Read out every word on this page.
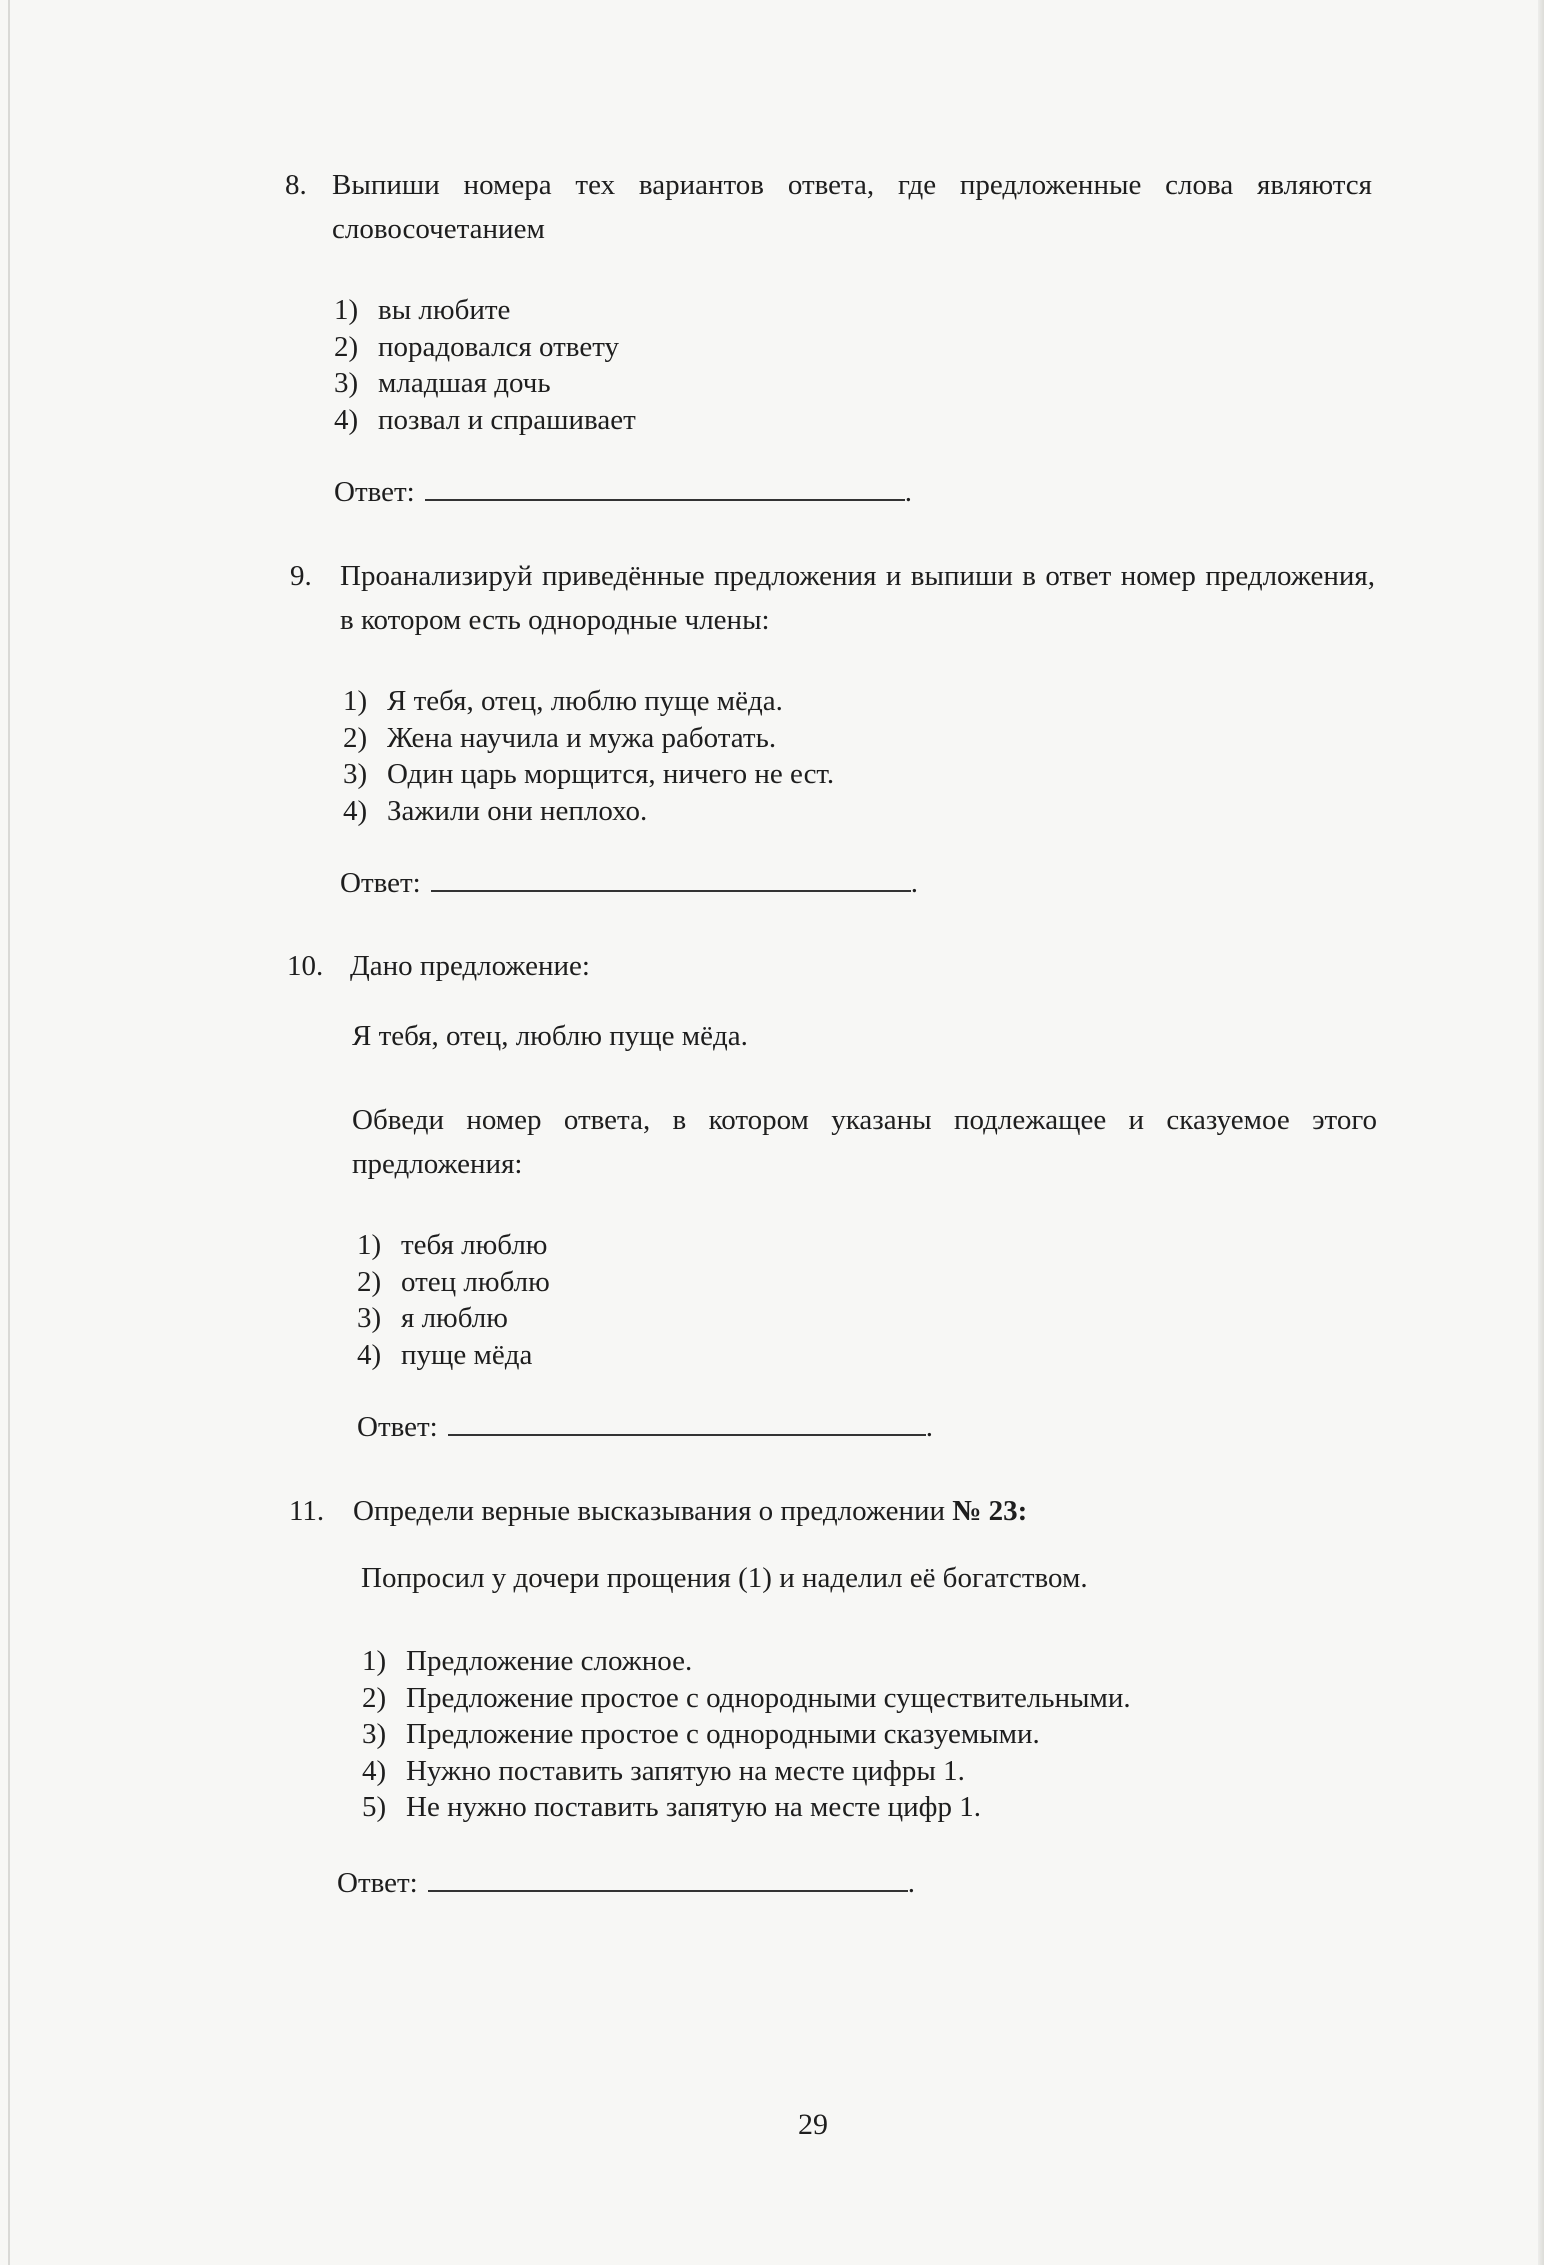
8. Выпиши номера тех вариантов ответа, где предложенные слова являются словосочетанием
1) вы любите
2) порадовался ответу
3) младшая дочь
4) позвал и спрашивает
Ответ:	.
9. Проанализируй приведённые предложения и выпиши в ответ номер предложения, в котором есть однородные члены:
1) Я тебя, отец, люблю пуще мёда.
2) Жена научила и мужа работать.
3) Один царь морщится, ничего не ест.
4) Зажили они неплохо.
Ответ:	.
10. Дано предложение:
Я тебя, отец, люблю пуще мёда.
Обведи номер ответа, в котором указаны подлежащее и сказуемое этого предложения:
1) тебя люблю
2) отец люблю
3) я люблю
4) пуще мёда
Ответ:	.
11. Определи верные высказывания о предложении № 23:
Попросил у дочери прощения (1) и наделил её богатством.
1) Предложение сложное.
2) Предложение простое с однородными существительными.
3) Предложение простое с однородными сказуемыми.
4) Нужно поставить запятую на месте цифры 1.
5) Не нужно поставить запятую на месте цифр 1.
Ответ:	.
29
